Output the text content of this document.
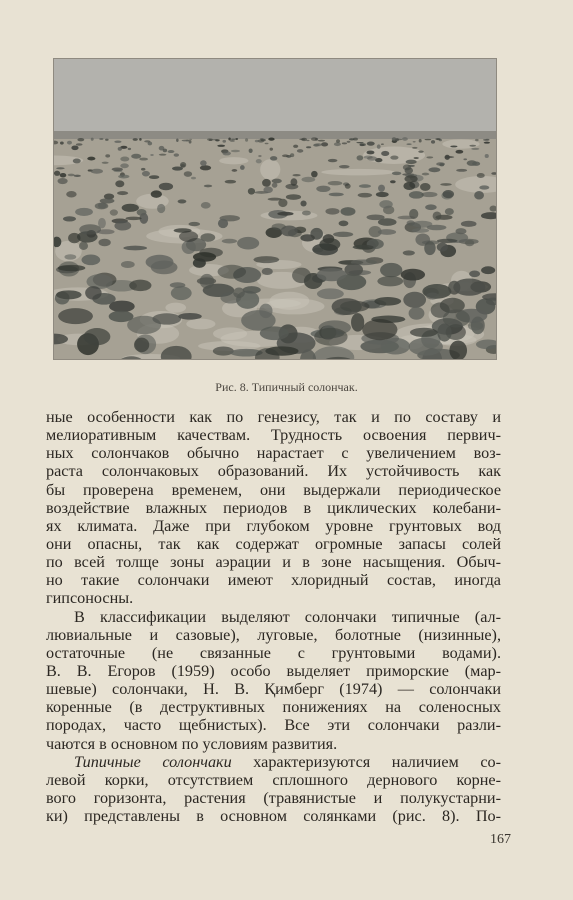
Рис. 8. Типичный солончак.
ные особенности как по генезису, так и по составу и
мелиоративным качествам. Трудность освоения первич-
ных солончаков обычно нарастает с увеличением воз-
раста солончаковых образований. Их устойчивость как
бы проверена временем, они выдержали периодическое
воздействие влажных периодов в циклических колебани-
ях климата. Даже при глубоком уровне грунтовых вод
они опасны, так как содержат огромные запасы солей
по всей толще зоны аэрации и в зоне насыщения. Обыч-
но такие солончаки имеют хлоридный состав, иногда
гипсоносны.
В классификации выделяют солончаки типичные (ал-
лювиальные и сазовые), луговые, болотные (низинные),
остаточные (не связанные с грунтовыми водами).
В. В. Егоров (1959) особо выделяет приморские (мар-
шевые) солончаки, Н. В. Қимберг (1974) — солончаки
коренные (в деструктивных понижениях на соленосных
породах, часто щебнистых). Все эти солончаки разли-
чаются в основном по условиям развития.
Типичные солончаки характеризуются наличием со-
левой корки, отсутствием сплошного дернового корне-
вого горизонта, растения (травянистые и полукустарни-
ки) представлены в основном солянками (рис. 8). По-
167
